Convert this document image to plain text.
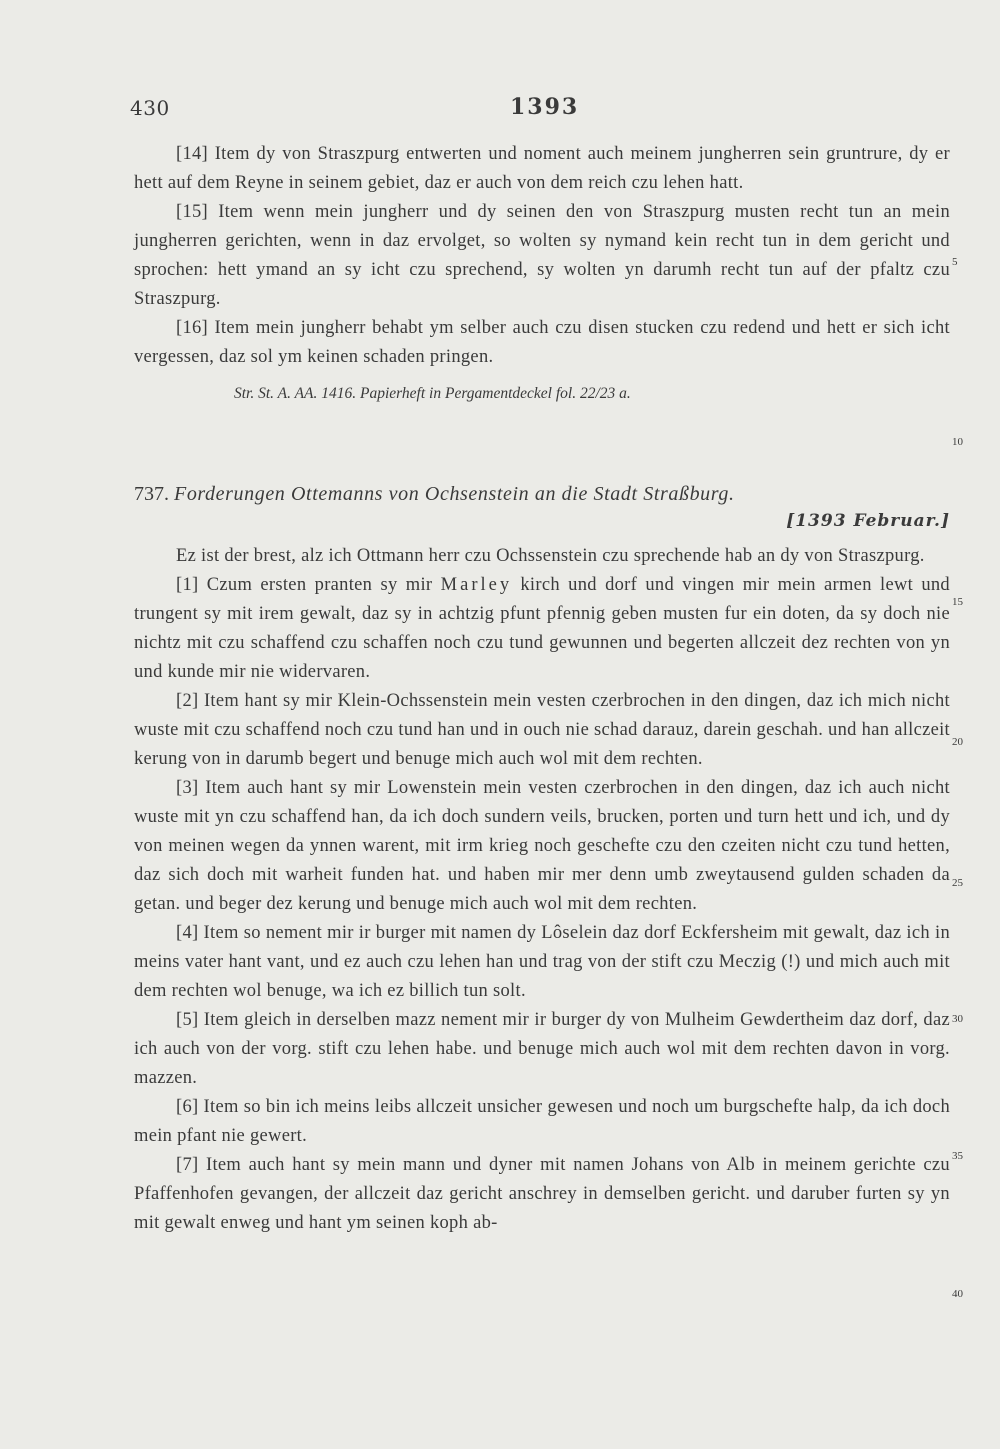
430	1393

[14] Item dy von Straszpurg entwerten und noment auch meinem jungherren sein gruntrure, dy er hett auf dem Reyne in seinem gebiet, daz er auch von dem reich czu lehen hatt.

[15] Item wenn mein jungherr und dy seinen den von Straszpurg musten recht tun an mein jungherren gerichten, wenn in daz ervolget, so wolten sy nymand kein recht tun in dem gericht und sprochen: hett ymand an sy icht czu sprechend, sy wolten yn darumh recht tun auf der pfaltz czu Straszpurg.

[16] Item mein jungherr behabt ym selber auch czu disen stucken czu redend und hett er sich icht vergessen, daz sol ym keinen schaden pringen.

Str. St. A. AA. 1416. Papierheft in Pergamentdeckel fol. 22/23 a.

737. Forderungen Ottemanns von Ochsenstein an die Stadt Straßburg.

[1393 Februar.]

Ez ist der brest, alz ich Ottmann herr czu Ochssenstein czu sprechende hab an dy von Straszpurg.

[1] Czum ersten pranten sy mir Marley kirch und dorf und vingen mir mein armen lewt und trungent sy mit irem gewalt, daz sy in achtzig pfunt pfennig geben musten fur ein doten, da sy doch nie nichtz mit czu schaffend czu schaffen noch czu tund gewunnen und begerten allczeit dez rechten von yn und kunde mir nie widervaren.

[2] Item hant sy mir Klein-Ochssenstein mein vesten czerbrochen in den dingen, daz ich mich nicht wuste mit czu schaffend noch czu tund han und in ouch nie schad darauz, darein geschah. und han allczeit kerung von in darumb begert und benuge mich auch wol mit dem rechten.

[3] Item auch hant sy mir Lowenstein mein vesten czerbrochen in den dingen, daz ich auch nicht wuste mit yn czu schaffend han, da ich doch sundern veils, brucken, porten und turn hett und ich, und dy von meinen wegen da ynnen warent, mit irm krieg noch geschefte czu den czeiten nicht czu tund hetten, daz sich doch mit warheit funden hat. und haben mir mer denn umb zweytausend gulden schaden da getan. und beger dez kerung und benuge mich auch wol mit dem rechten.

[4] Item so nement mir ir burger mit namen dy Lôselein daz dorf Eckfersheim mit gewalt, daz ich in meins vater hant vant, und ez auch czu lehen han und trag von der stift czu Meczig (!) und mich auch mit dem rechten wol benuge, wa ich ez billich tun solt.

[5] Item gleich in derselben mazz nement mir ir burger dy von Mulheim Gewdertheim daz dorf, daz ich auch von der vorg. stift czu lehen habe. und benuge mich auch wol mit dem rechten davon in vorg. mazzen.

[6] Item so bin ich meins leibs allczeit unsicher gewesen und noch um burgschefte halp, da ich doch mein pfant nie gewert.

[7] Item auch hant sy mein mann und dyner mit namen Johans von Alb in meinem gerichte czu Pfaffenhofen gevangen, der allczeit daz gericht anschrey in demselben gericht. und daruber furten sy yn mit gewalt enweg und hant ym seinen koph ab-

5
10
15
20
25
30
35
40
